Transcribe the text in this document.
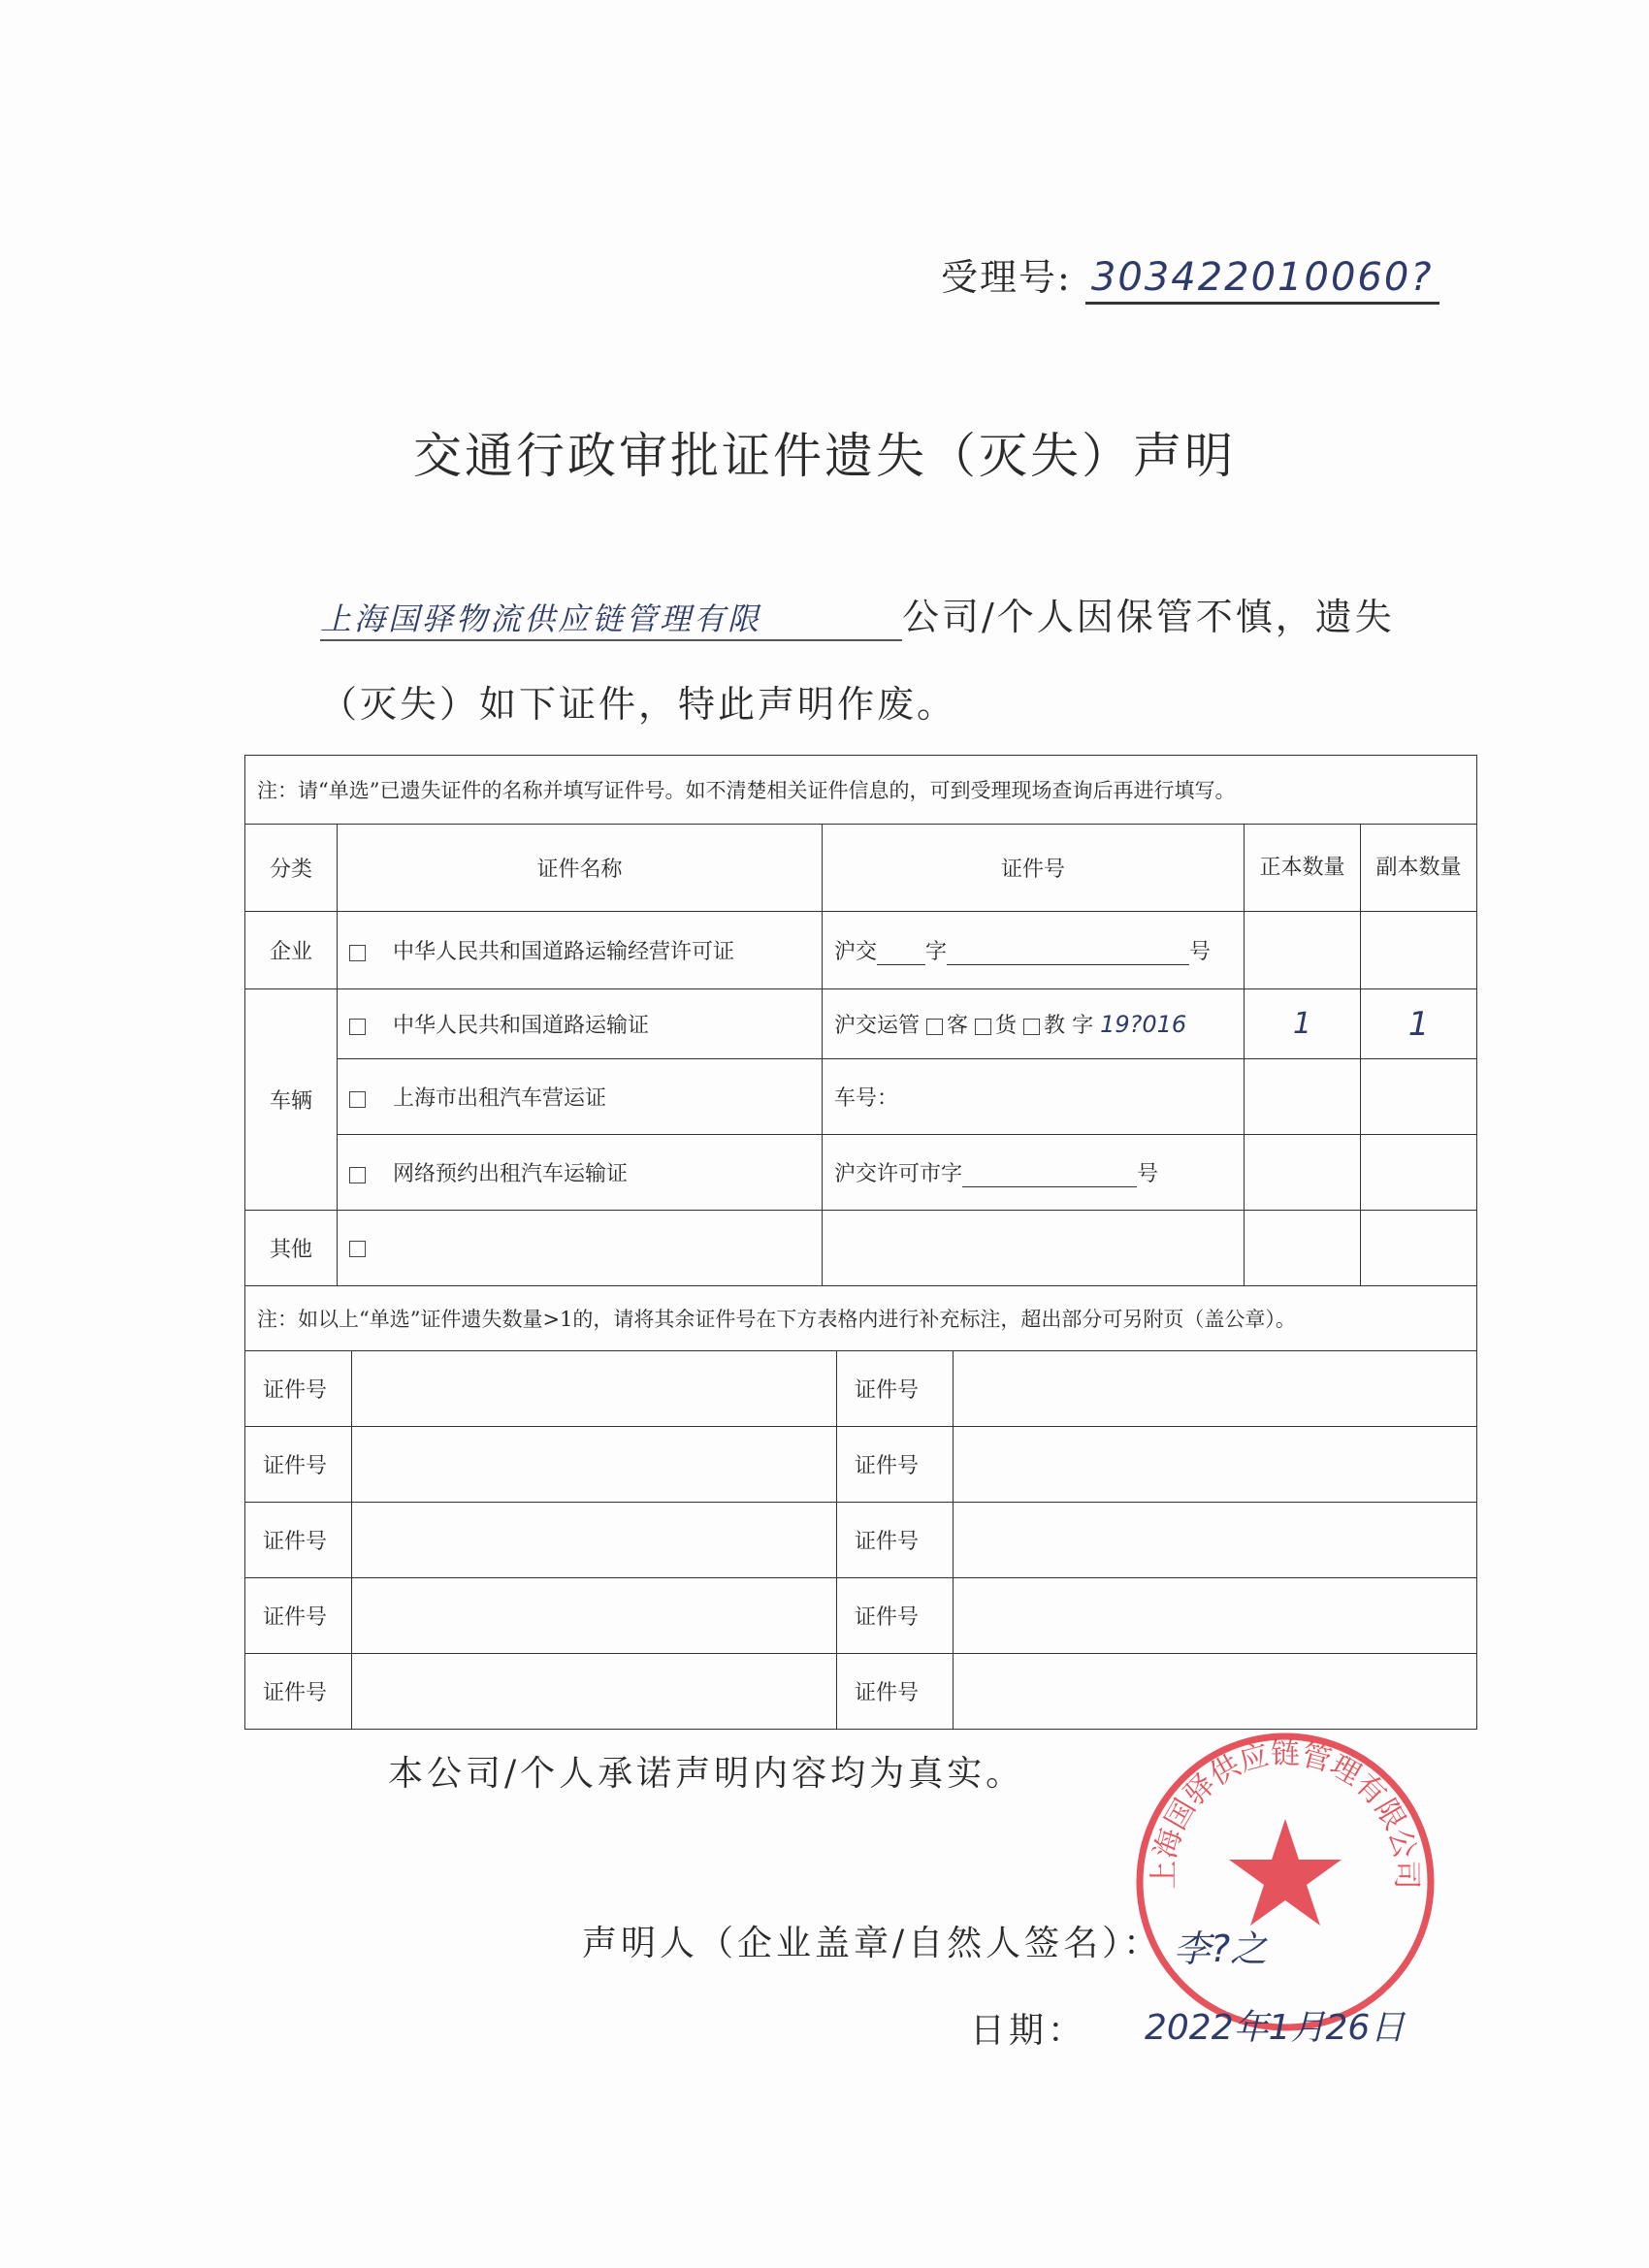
受理号: 303422010060?
交通行政审批证件遗失（灭失）声明
上海国驿物流供应链管理有限	公司/个人因保管不慎，遗失
（灭失）如下证件，特此声明作废。
注：请“单选”已遗失证件的名称并填写证件号。如不清楚相关证件信息的，可到受理现场查询后再进行填写。				
分类	证件名称	证件号	正本数量	副本数量
企业	中华人民共和国道路运输经营许可证	沪交 字 号		
车辆	中华人民共和国道路运输证	沪交运管 客 货 教 字 19?016	1	1
	上海市出租汽车营运证	车号：		
	网络预约出租汽车运输证	沪交许可市字 号		
其他				
注：如以上“单选”证件遗失数量>1的，请将其余证件号在下方表格内进行补充标注，超出部分可另附页（盖公章）。				
证件号		证件号	
证件号		证件号	
证件号		证件号	
证件号		证件号	
证件号		证件号	
本公司/个人承诺声明内容均为真实。
上海国驿供应链管理有限公司
声明人（企业盖章/自然人签名）： 李?之
日期： 2022年1月26日
